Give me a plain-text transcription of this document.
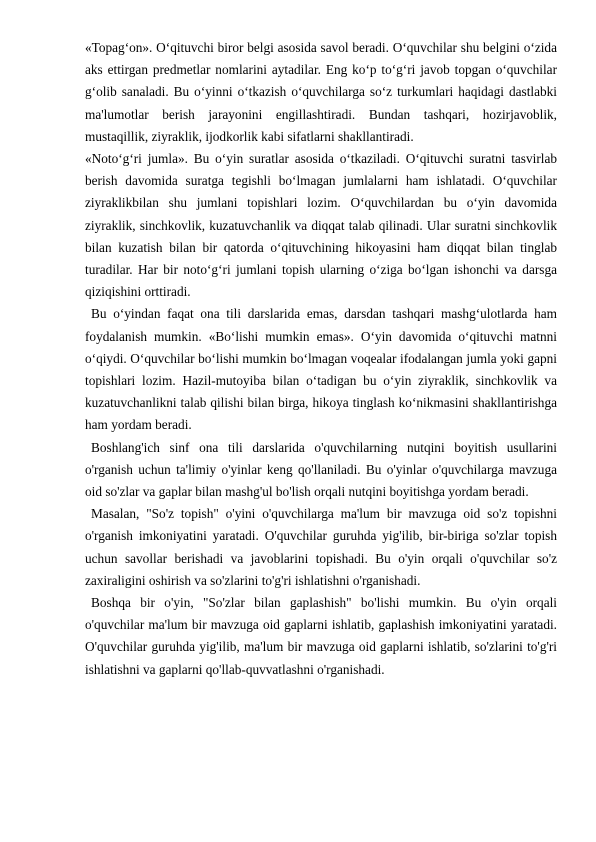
«Topag‘on». O‘qituvchi biror belgi asosida savol beradi. O‘quvchilar shu belgini o‘zida aks ettirgan predmetlar nomlarini aytadilar. Eng ko‘p to‘g‘ri javob topgan o‘quvchilar g‘olib sanaladi. Bu o‘yinni o‘tkazish o‘quvchilarga so‘z turkumlari haqidagi dastlabki ma'lumotlar berish jarayonini engillashtiradi. Bundan tashqari, hozirjavoblik, mustaqillik, ziyraklik, ijodkorlik kabi sifatlarni shakllantiradi.

«Noto‘g‘ri jumla». Bu o‘yin suratlar asosida o‘tkaziladi. O‘qituvchi suratni tasvirlab berish davomida suratga tegishli bo‘lmagan jumlalarni ham ishlatadi. O‘quvchilar ziyraklikbilan shu jumlani topishlari lozim. O‘quvchilardan bu o‘yin davomida ziyraklik, sinchkovlik, kuzatuvchanlik va diqqat talab qilinadi. Ular suratni sinchkovlik bilan kuzatish bilan bir qatorda o‘qituvchining hikoyasini ham diqqat bilan tinglab turadilar. Har bir noto‘g‘ri jumlani topish ularning o‘ziga bo‘lgan ishonchi va darsga qiziqishini orttiradi.

Bu o‘yindan faqat ona tili darslarida emas, darsdan tashqari mashg‘ulotlarda ham foydalanish mumkin. «Bo‘lishi mumkin emas». O‘yin davomida o‘qituvchi matnni o‘qiydi. O‘quvchilar bo‘lishi mumkin bo‘lmagan voqealar ifodalangan jumla yoki gapni topishlari lozim. Hazil-mutoyiba bilan o‘tadigan bu o‘yin ziyraklik, sinchkovlik va kuzatuvchanlikni talab qilishi bilan birga, hikoya tinglash ko‘nikmasini shakllantirishga ham yordam beradi.

Boshlang'ich sinf ona tili darslarida o'quvchilarning nutqini boyitish usullarini o'rganish uchun ta'limiy o'yinlar keng qo'llaniladi. Bu o'yinlar o'quvchilarga mavzuga oid so'zlar va gaplar bilan mashg'ul bo'lish orqali nutqini boyitishga yordam beradi.

Masalan, "So'z topish" o'yini o'quvchilarga ma'lum bir mavzuga oid so'z topishni o'rganish imkoniyatini yaratadi. O'quvchilar guruhda yig'ilib, bir-biriga so'zlar topish uchun savollar berishadi va javoblarini topishadi. Bu o'yin orqali o'quvchilar so'z zaxiraligini oshirish va so'zlarini to'g'ri ishlatishni o'rganishadi.

Boshqa bir o'yin, "So'zlar bilan gaplashish" bo'lishi mumkin. Bu o'yin orqali o'quvchilar ma'lum bir mavzuga oid gaplarni ishlatib, gaplashish imkoniyatini yaratadi. O'quvchilar guruhda yig'ilib, ma'lum bir mavzuga oid gaplarni ishlatib, so'zlarini to'g'ri ishlatishni va gaplarni qo'llab-quvvatlashni o'rganishadi.
